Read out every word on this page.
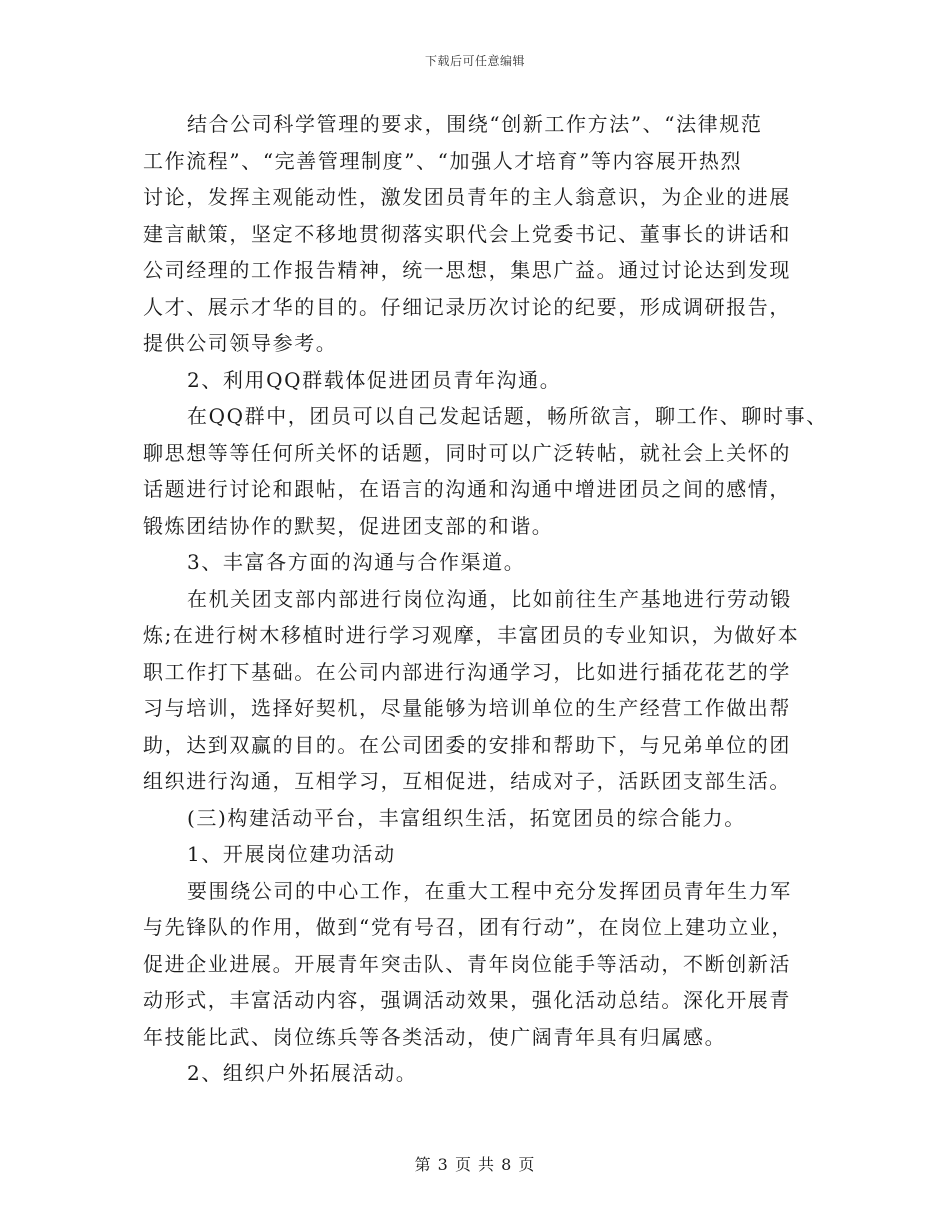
下载后可任意编辑
结合公司科学管理的要求，围绕“创新工作方法”、“法律规范
工作流程”、“完善管理制度”、“加强人才培育”等内容展开热烈
讨论，发挥主观能动性，激发团员青年的主人翁意识，为企业的进展
建言献策，坚定不移地贯彻落实职代会上党委书记、董事长的讲话和
公司经理的工作报告精神，统一思想，集思广益。通过讨论达到发现
人才、展示才华的目的。仔细记录历次讨论的纪要，形成调研报告，
提供公司领导参考。
2、利用QQ群载体促进团员青年沟通。
在QQ群中，团员可以自己发起话题，畅所欲言，聊工作、聊时事、
聊思想等等任何所关怀的话题，同时可以广泛转帖，就社会上关怀的
话题进行讨论和跟帖，在语言的沟通和沟通中增进团员之间的感情，
锻炼团结协作的默契，促进团支部的和谐。
3、丰富各方面的沟通与合作渠道。
在机关团支部内部进行岗位沟通，比如前往生产基地进行劳动锻
炼;在进行树木移植时进行学习观摩，丰富团员的专业知识，为做好本
职工作打下基础。在公司内部进行沟通学习，比如进行插花花艺的学
习与培训，选择好契机，尽量能够为培训单位的生产经营工作做出帮
助，达到双赢的目的。在公司团委的安排和帮助下，与兄弟单位的团
组织进行沟通，互相学习，互相促进，结成对子，活跃团支部生活。
(三)构建活动平台，丰富组织生活，拓宽团员的综合能力。
1、开展岗位建功活动
要围绕公司的中心工作，在重大工程中充分发挥团员青年生力军
与先锋队的作用，做到“党有号召，团有行动”，在岗位上建功立业，
促进企业进展。开展青年突击队、青年岗位能手等活动，不断创新活
动形式，丰富活动内容，强调活动效果，强化活动总结。深化开展青
年技能比武、岗位练兵等各类活动，使广阔青年具有归属感。
2、组织户外拓展活动。
第 3 页 共 8 页
